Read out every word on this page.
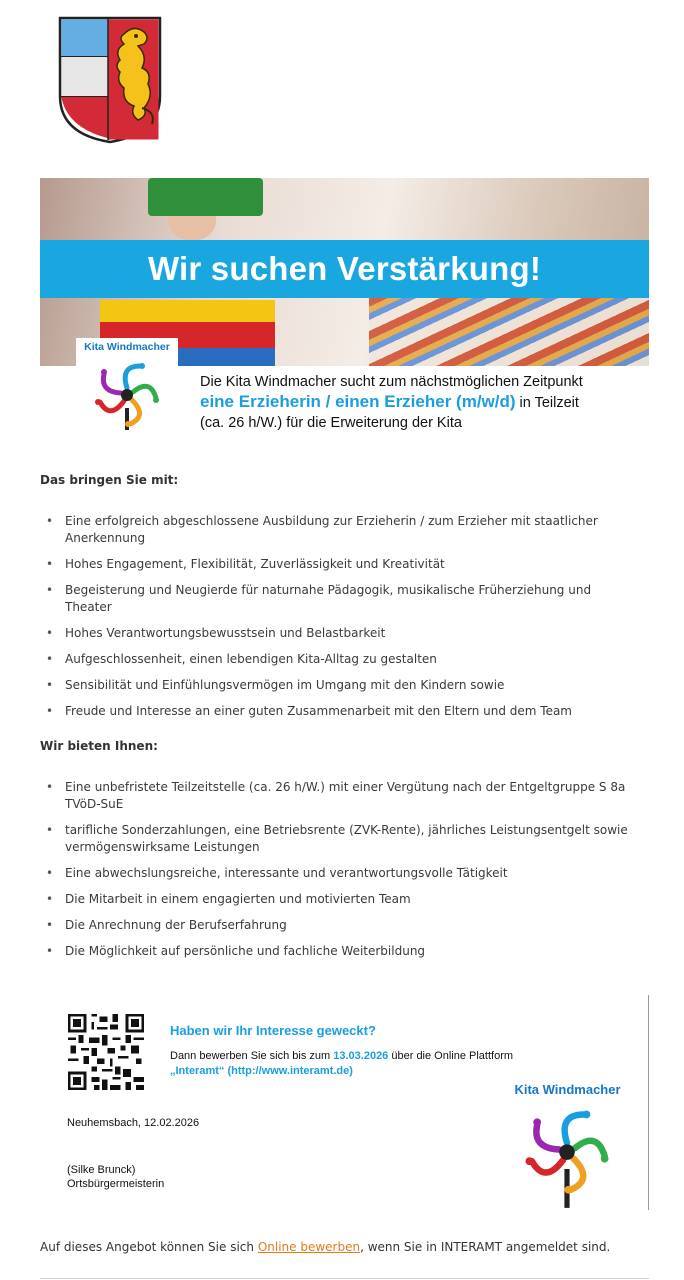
Wir suchen Verstärkung!
Kita Windmacher
Die Kita Windmacher sucht zum nächstmöglichen Zeitpunkt
eine Erzieherin / einen Erzieher (m/w/d) in Teilzeit
(ca. 26 h/W.) für die Erweiterung der Kita
Das bringen Sie mit:
• Eine erfolgreich abgeschlossene Ausbildung zur Erzieherin / zum Erzieher mit staatlicher Anerkennung
• Hohes Engagement, Flexibilität, Zuverlässigkeit und Kreativität
• Begeisterung und Neugierde für naturnahe Pädagogik, musikalische Früherziehung und Theater
• Hohes Verantwortungsbewusstsein und Belastbarkeit
• Aufgeschlossenheit, einen lebendigen Kita-Alltag zu gestalten
• Sensibilität und Einfühlungsvermögen im Umgang mit den Kindern sowie
• Freude und Interesse an einer guten Zusammenarbeit mit den Eltern und dem Team
Wir bieten Ihnen:
• Eine unbefristete Teilzeitstelle (ca. 26 h/W.) mit einer Vergütung nach der Entgeltgruppe S 8a TVöD-SuE
• tarifliche Sonderzahlungen, eine Betriebsrente (ZVK-Rente), jährliches Leistungsentgelt sowie vermögenswirksame Leistungen
• Eine abwechslungsreiche, interessante und verantwortungsvolle Tätigkeit
• Die Mitarbeit in einem engagierten und motivierten Team
• Die Anrechnung der Berufserfahrung
• Die Möglichkeit auf persönliche und fachliche Weiterbildung
Haben wir Ihr Interesse geweckt?
Dann bewerben Sie sich bis zum 13.03.2026 über die Online Plattform
„Interamt“ (http://www.interamt.de)
Neuhemsbach, 12.02.2026
(Silke Brunck)
Ortsbürgermeisterin
Kita Windmacher
Auf dieses Angebot können Sie sich Online bewerben, wenn Sie in INTERAMT angemeldet sind.
